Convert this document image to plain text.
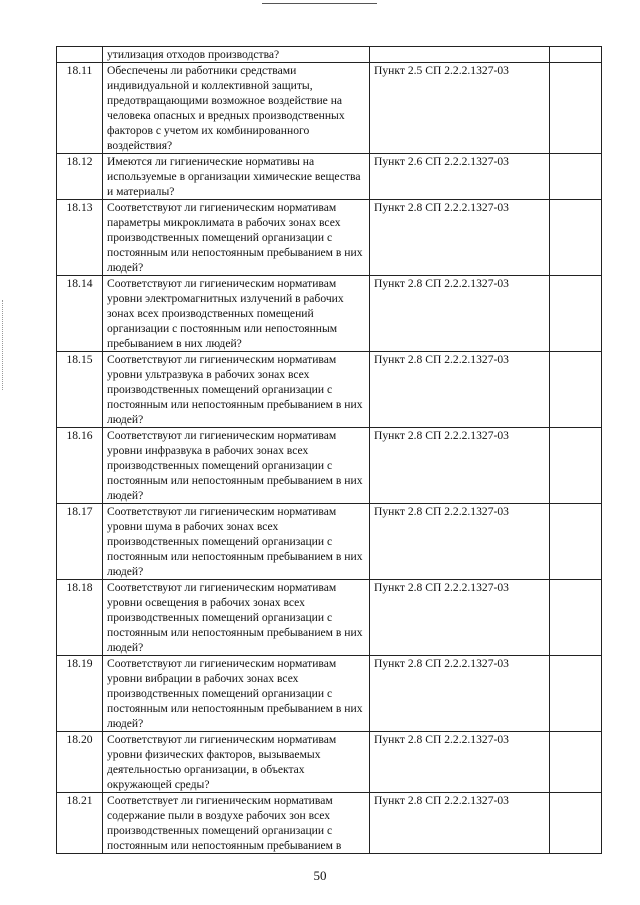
	утилизация отходов производства?		
18.11	Обеспечены ли работники средствами индивидуальной и коллективной защиты, предотвращающими возможное воздействие на человека опасных и вредных производственных факторов с учетом их комбинированного воздействия?	Пункт 2.5 СП 2.2.2.1327-03	
18.12	Имеются ли гигиенические нормативы на используемые в организации химические вещества и материалы?	Пункт 2.6 СП 2.2.2.1327-03	
18.13	Соответствуют ли гигиеническим нормативам параметры микроклимата в рабочих зонах всех производственных помещений организации с постоянным или непостоянным пребыванием в них людей?	Пункт 2.8 СП 2.2.2.1327-03	
18.14	Соответствуют ли гигиеническим нормативам уровни электромагнитных излучений в рабочих зонах всех производственных помещений организации с постоянным или непостоянным пребыванием в них людей?	Пункт 2.8 СП 2.2.2.1327-03	
18.15	Соответствуют ли гигиеническим нормативам уровни ультразвука в рабочих зонах всех производственных помещений организации с постоянным или непостоянным пребыванием в них людей?	Пункт 2.8 СП 2.2.2.1327-03	
18.16	Соответствуют ли гигиеническим нормативам уровни инфразвука в рабочих зонах всех производственных помещений организации с постоянным или непостоянным пребыванием в них людей?	Пункт 2.8 СП 2.2.2.1327-03	
18.17	Соответствуют ли гигиеническим нормативам уровни шума в рабочих зонах всех производственных помещений организации с постоянным или непостоянным пребыванием в них людей?	Пункт 2.8 СП 2.2.2.1327-03	
18.18	Соответствуют ли гигиеническим нормативам уровни освещения в рабочих зонах всех производственных помещений организации с постоянным или непостоянным пребыванием в них людей?	Пункт 2.8 СП 2.2.2.1327-03	
18.19	Соответствуют ли гигиеническим нормативам уровни вибрации в рабочих зонах всех производственных помещений организации с постоянным или непостоянным пребыванием в них людей?	Пункт 2.8 СП 2.2.2.1327-03	
18.20	Соответствуют ли гигиеническим нормативам уровни физических факторов, вызываемых деятельностью организации, в объектах окружающей среды?	Пункт 2.8 СП 2.2.2.1327-03	
18.21	Соответствует ли гигиеническим нормативам содержание пыли в воздухе рабочих зон всех производственных помещений организации с постоянным или непостоянным пребыванием в	Пункт 2.8 СП 2.2.2.1327-03	
50
